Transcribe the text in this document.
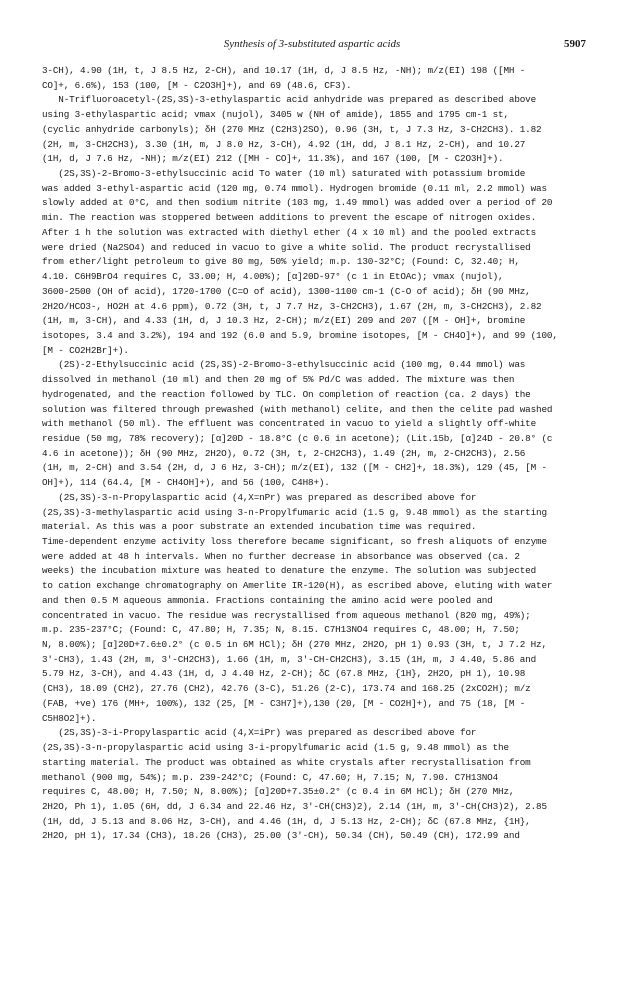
Synthesis of 3-substituted aspartic acids	5907
3-CH), 4.90 (1H, t, J 8.5 Hz, 2-CH), and 10.17 (1H, d, J 8.5 Hz, -NH); m/z(EI) 198 ([MH -
CO]+, 6.6%), 153 (100, [M - C2O3H]+), and 69 (48.6, CF3).
N-Trifluoroacetyl-(2S,3S)-3-ethylaspartic acid anhydride was prepared as described above
using 3-ethylaspartic acid; vmax (nujol), 3405 w (NH of amide), 1855 and 1795 cm-1 st,
(cyclic anhydride carbonyls); δH (270 MHz (C2H3)2SO), 0.96 (3H, t, J 7.3 Hz, 3-CH2CH3). 1.82
(2H, m, 3-CH2CH3), 3.30 (1H, m, J 8.0 Hz, 3-CH), 4.92 (1H, dd, J 8.1 Hz, 2-CH), and 10.27
(1H, d, J 7.6 Hz, -NH); m/z(EI) 212 ([MH - CO]+, 11.3%), and 167 (100, [M - C2O3H]+).
(2S,3S)-2-Bromo-3-ethylsuccinic acid To water (10 ml) saturated with potassium bromide
was added 3-ethyl-aspartic acid (120 mg, 0.74 mmol). Hydrogen bromide (0.11 ml, 2.2 mmol) was
slowly added at 0°C, and then sodium nitrite (103 mg, 1.49 mmol) was added over a period of 20
min. The reaction was stoppered between additions to prevent the escape of nitrogen oxides.
After 1 h the solution was extracted with diethyl ether (4 x 10 ml) and the pooled extracts
were dried (Na2SO4) and reduced in vacuo to give a white solid. The product recrystallised
from ether/light petroleum to give 80 mg, 50% yield; m.p. 130-32°C; (Found: C, 32.40; H,
4.10. C6H9BrO4 requires C, 33.00; H, 4.00%); [α]20D-97° (c 1 in EtOAc); vmax (nujol),
3600-2500 (OH of acid), 1720-1700 (C=O of acid), 1300-1100 cm-1 (C-O of acid); δH (90 MHz,
2H2O/HCO3-, HO2H at 4.6 ppm), 0.72 (3H, t, J 7.7 Hz, 3-CH2CH3), 1.67 (2H, m, 3-CH2CH3), 2.82
(1H, m, 3-CH), and 4.33 (1H, d, J 10.3 Hz, 2-CH); m/z(EI) 209 and 207 ([M - OH]+, bromine
isotopes, 3.4 and 3.2%), 194 and 192 (6.0 and 5.9, bromine isotopes, [M - CH4O]+), and 99 (100,
[M - CO2H2Br]+).
(2S)-2-Ethylsuccinic acid (2S,3S)-2-Bromo-3-ethylsuccinic acid (100 mg, 0.44 mmol) was
dissolved in methanol (10 ml) and then 20 mg of 5% Pd/C was added. The mixture was then
hydrogenated, and the reaction followed by TLC. On completion of reaction (ca. 2 days) the
solution was filtered through prewashed (with methanol) celite, and then the celite pad washed
with methanol (50 ml). The effluent was concentrated in vacuo to yield a slightly off-white
residue (50 mg, 78% recovery); [α]20D - 18.8°C (c 0.6 in acetone); (Lit.15b, [α]24D - 20.8° (c
4.6 in acetone)); δH (90 MHz, 2H2O), 0.72 (3H, t, 2-CH2CH3), 1.49 (2H, m, 2-CH2CH3), 2.56
(1H, m, 2-CH) and 3.54 (2H, d, J 6 Hz, 3-CH); m/z(EI), 132 ([M - CH2]+, 18.3%), 129 (45, [M -
OH]+), 114 (64.4, [M - CH4OH]+), and 56 (100, C4H8+).
(2S,3S)-3-n-Propylaspartic acid (4,X=nPr) was prepared as described above for
(2S,3S)-3-methylaspartic acid using 3-n-Propylfumaric acid (1.5 g, 9.48 mmol) as the starting
material. As this was a poor substrate an extended incubation time was required.
Time-dependent enzyme activity loss therefore became significant, so fresh aliquots of enzyme
were added at 48 h intervals. When no further decrease in absorbance was observed (ca. 2
weeks) the incubation mixture was heated to denature the enzyme. The solution was subjected
to cation exchange chromatography on Amerlite IR-120(H), as escribed above, eluting with water
and then 0.5 M aqueous ammonia. Fractions containing the amino acid were pooled and
concentrated in vacuo. The residue was recrystallised from aqueous methanol (820 mg, 49%);
m.p. 235-237°C; (Found: C, 47.80; H, 7.35; N, 8.15. C7H13NO4 requires C, 48.00; H, 7.50;
N, 8.00%); [α]20D+7.6±0.2° (c 0.5 in 6M HCl); δH (270 MHz, 2H2O, pH 1) 0.93 (3H, t, J 7.2 Hz,
3'-CH3), 1.43 (2H, m, 3'-CH2CH3), 1.66 (1H, m, 3'-CH-CH2CH3), 3.15 (1H, m, J 4.40, 5.86 and
5.79 Hz, 3-CH), and 4.43 (1H, d, J 4.40 Hz, 2-CH); δC (67.8 MHz, {1H}, 2H2O, pH 1), 10.98
(CH3), 18.09 (CH2), 27.76 (CH2), 42.76 (3-C), 51.26 (2-C), 173.74 and 168.25 (2xCO2H); m/z
(FAB, +ve) 176 (MH+, 100%), 132 (25, [M - C3H7]+),130 (20, [M - CO2H]+), and 75 (18, [M -
C5H8O2]+).
(2S,3S)-3-i-Propylaspartic acid (4,X=iPr) was prepared as described above for
(2S,3S)-3-n-propylaspartic acid using 3-i-propylfumaric acid (1.5 g, 9.48 mmol) as the
starting material. The product was obtained as white crystals after recrystallisation from
methanol (900 mg, 54%); m.p. 239-242°C; (Found: C, 47.60; H, 7.15; N, 7.90. C7H13NO4
requires C, 48.00; H, 7.50; N, 8.00%); [α]20D+7.35±0.2° (c 0.4 in 6M HCl); δH (270 MHz,
2H2O, Ph 1), 1.05 (6H, dd, J 6.34 and 22.46 Hz, 3'-CH(CH3)2), 2.14 (1H, m, 3'-CH(CH3)2), 2.85
(1H, dd, J 5.13 and 8.06 Hz, 3-CH), and 4.46 (1H, d, J 5.13 Hz, 2-CH); δC (67.8 MHz, {1H},
2H2O, pH 1), 17.34 (CH3), 18.26 (CH3), 25.00 (3'-CH), 50.34 (CH), 50.49 (CH), 172.99 and
